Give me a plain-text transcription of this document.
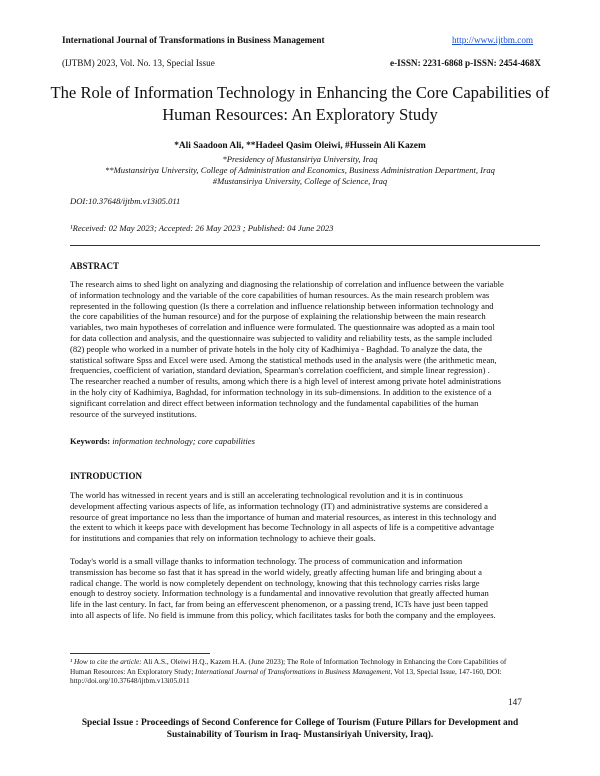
International Journal of Transformations in Business Management	http://www.ijtbm.com
(IJTBM) 2023, Vol. No. 13, Special Issue	e-ISSN: 2231-6868 p-ISSN: 2454-468X
The Role of Information Technology in Enhancing the Core Capabilities of Human Resources: An Exploratory Study
*Ali Saadoon Ali, **Hadeel Qasim Oleiwi, #Hussein Ali Kazem
*Presidency of Mustansiriya University, Iraq
**Mustansiriya University, College of Administration and Economics, Business Administration Department, Iraq
#Mustansiriya University, College of Science, Iraq
DOI:10.37648/ijtbm.v13i05.011
¹Received: 02 May 2023; Accepted: 26 May 2023 ; Published: 04 June 2023
ABSTRACT
The research aims to shed light on analyzing and diagnosing the relationship of correlation and influence between the variable
of information technology and the variable of the core capabilities of human resources. As the main research problem was
represented in the following question (Is there a correlation and influence relationship between information technology and
the core capabilities of the human resource) and for the purpose of explaining the relationship between the main research
variables, two main hypotheses of correlation and influence were formulated. The questionnaire was adopted as a main tool
for data collection and analysis, and the questionnaire was subjected to validity and reliability tests, as the sample included
(82) people who worked in a number of private hotels in the holy city of Kadhimiya - Baghdad. To analyze the data, the
statistical software Spss and Excel were used. Among the statistical methods used in the analysis were (the arithmetic mean,
frequencies, coefficient of variation, standard deviation, Spearman's correlation coefficient, and simple linear regression) .
The researcher reached a number of results, among which there is a high level of interest among private hotel administrations
in the holy city of Kadhimiya, Baghdad, for information technology in its sub-dimensions. In addition to the existence of a
significant correlation and direct effect between information technology and the fundamental capabilities of the human
resource of the surveyed institutions.
Keywords: information technology; core capabilities
INTRODUCTION
The world has witnessed in recent years and is still an accelerating technological revolution and it is in continuous
development affecting various aspects of life, as information technology (IT) and administrative systems are considered a
resource of great importance no less than the importance of human and material resources, as interest in this technology and
the extent to which it keeps pace with development has become Technology in all aspects of life is a competitive advantage
for institutions and companies that rely on information technology to achieve their goals.
Today's world is a small village thanks to information technology. The process of communication and information
transmission has become so fast that it has spread in the world widely, greatly affecting human life and bringing about a
radical change. The world is now completely dependent on technology, knowing that this technology carries risks large
enough to destroy society. Information technology is a fundamental and innovative revolution that greatly affected human
life in the last century. In fact, far from being an effervescent phenomenon, or a passing trend, ICTs have just been tapped
into all aspects of life. No field is immune from this policy, which facilitates tasks for both the company and the employees.
¹ How to cite the article: Ali A.S., Oleiwi H.Q., Kazem H.A. (June 2023); The Role of Information Technology in Enhancing the Core Capabilities of
Human Resources: An Exploratory Study; International Journal of Transformations in Business Management, Vol 13, Special Issue, 147-160, DOI:
http://doi.org/10.37648/ijtbm.v13i05.011
147
Special Issue : Proceedings of Second Conference for College of Tourism (Future Pillars for Development and Sustainability of Tourism in Iraq- Mustansiriyah University, Iraq).
